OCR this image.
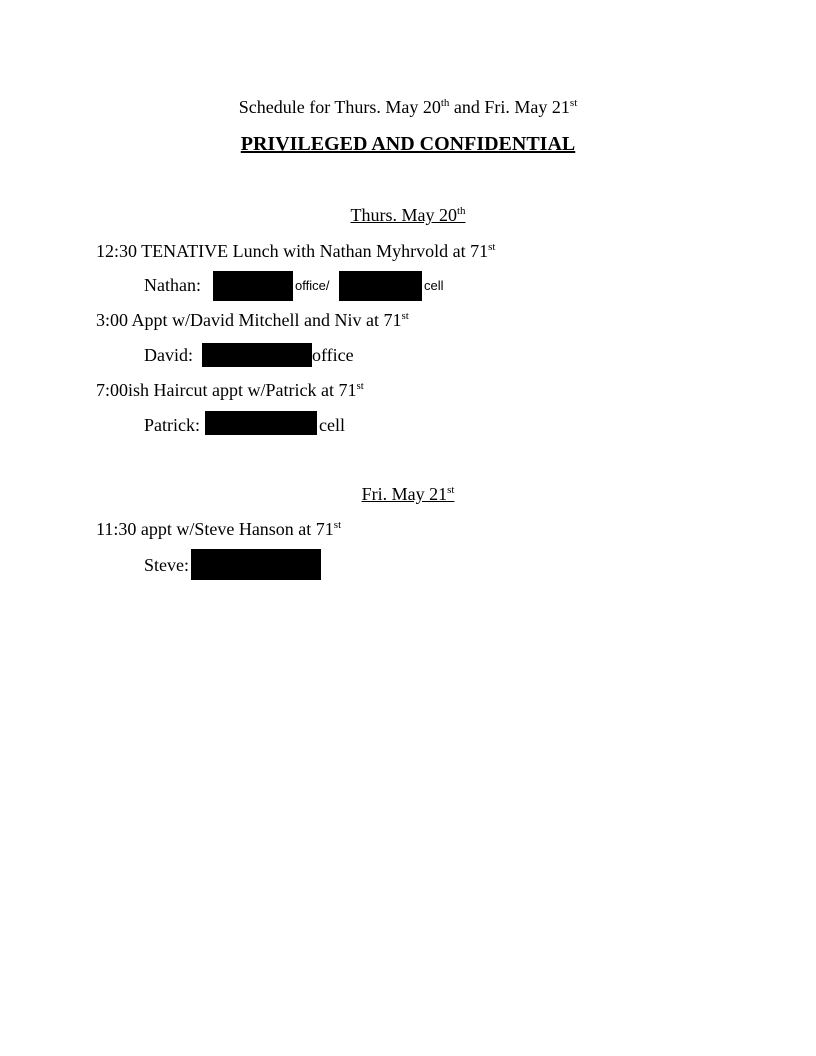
Schedule for Thurs. May 20th and Fri. May 21st
PRIVILEGED AND CONFIDENTIAL
Thurs. May 20th
12:30 TENATIVE Lunch with Nathan Myhrvold at 71st
Nathan:	office/	cell
3:00 Appt w/David Mitchell and Niv at 71st
David:	office
7:00ish Haircut appt w/Patrick at 71st
Patrick:	cell
Fri. May 21st
11:30 appt w/Steve Hanson at 71st
Steve:
